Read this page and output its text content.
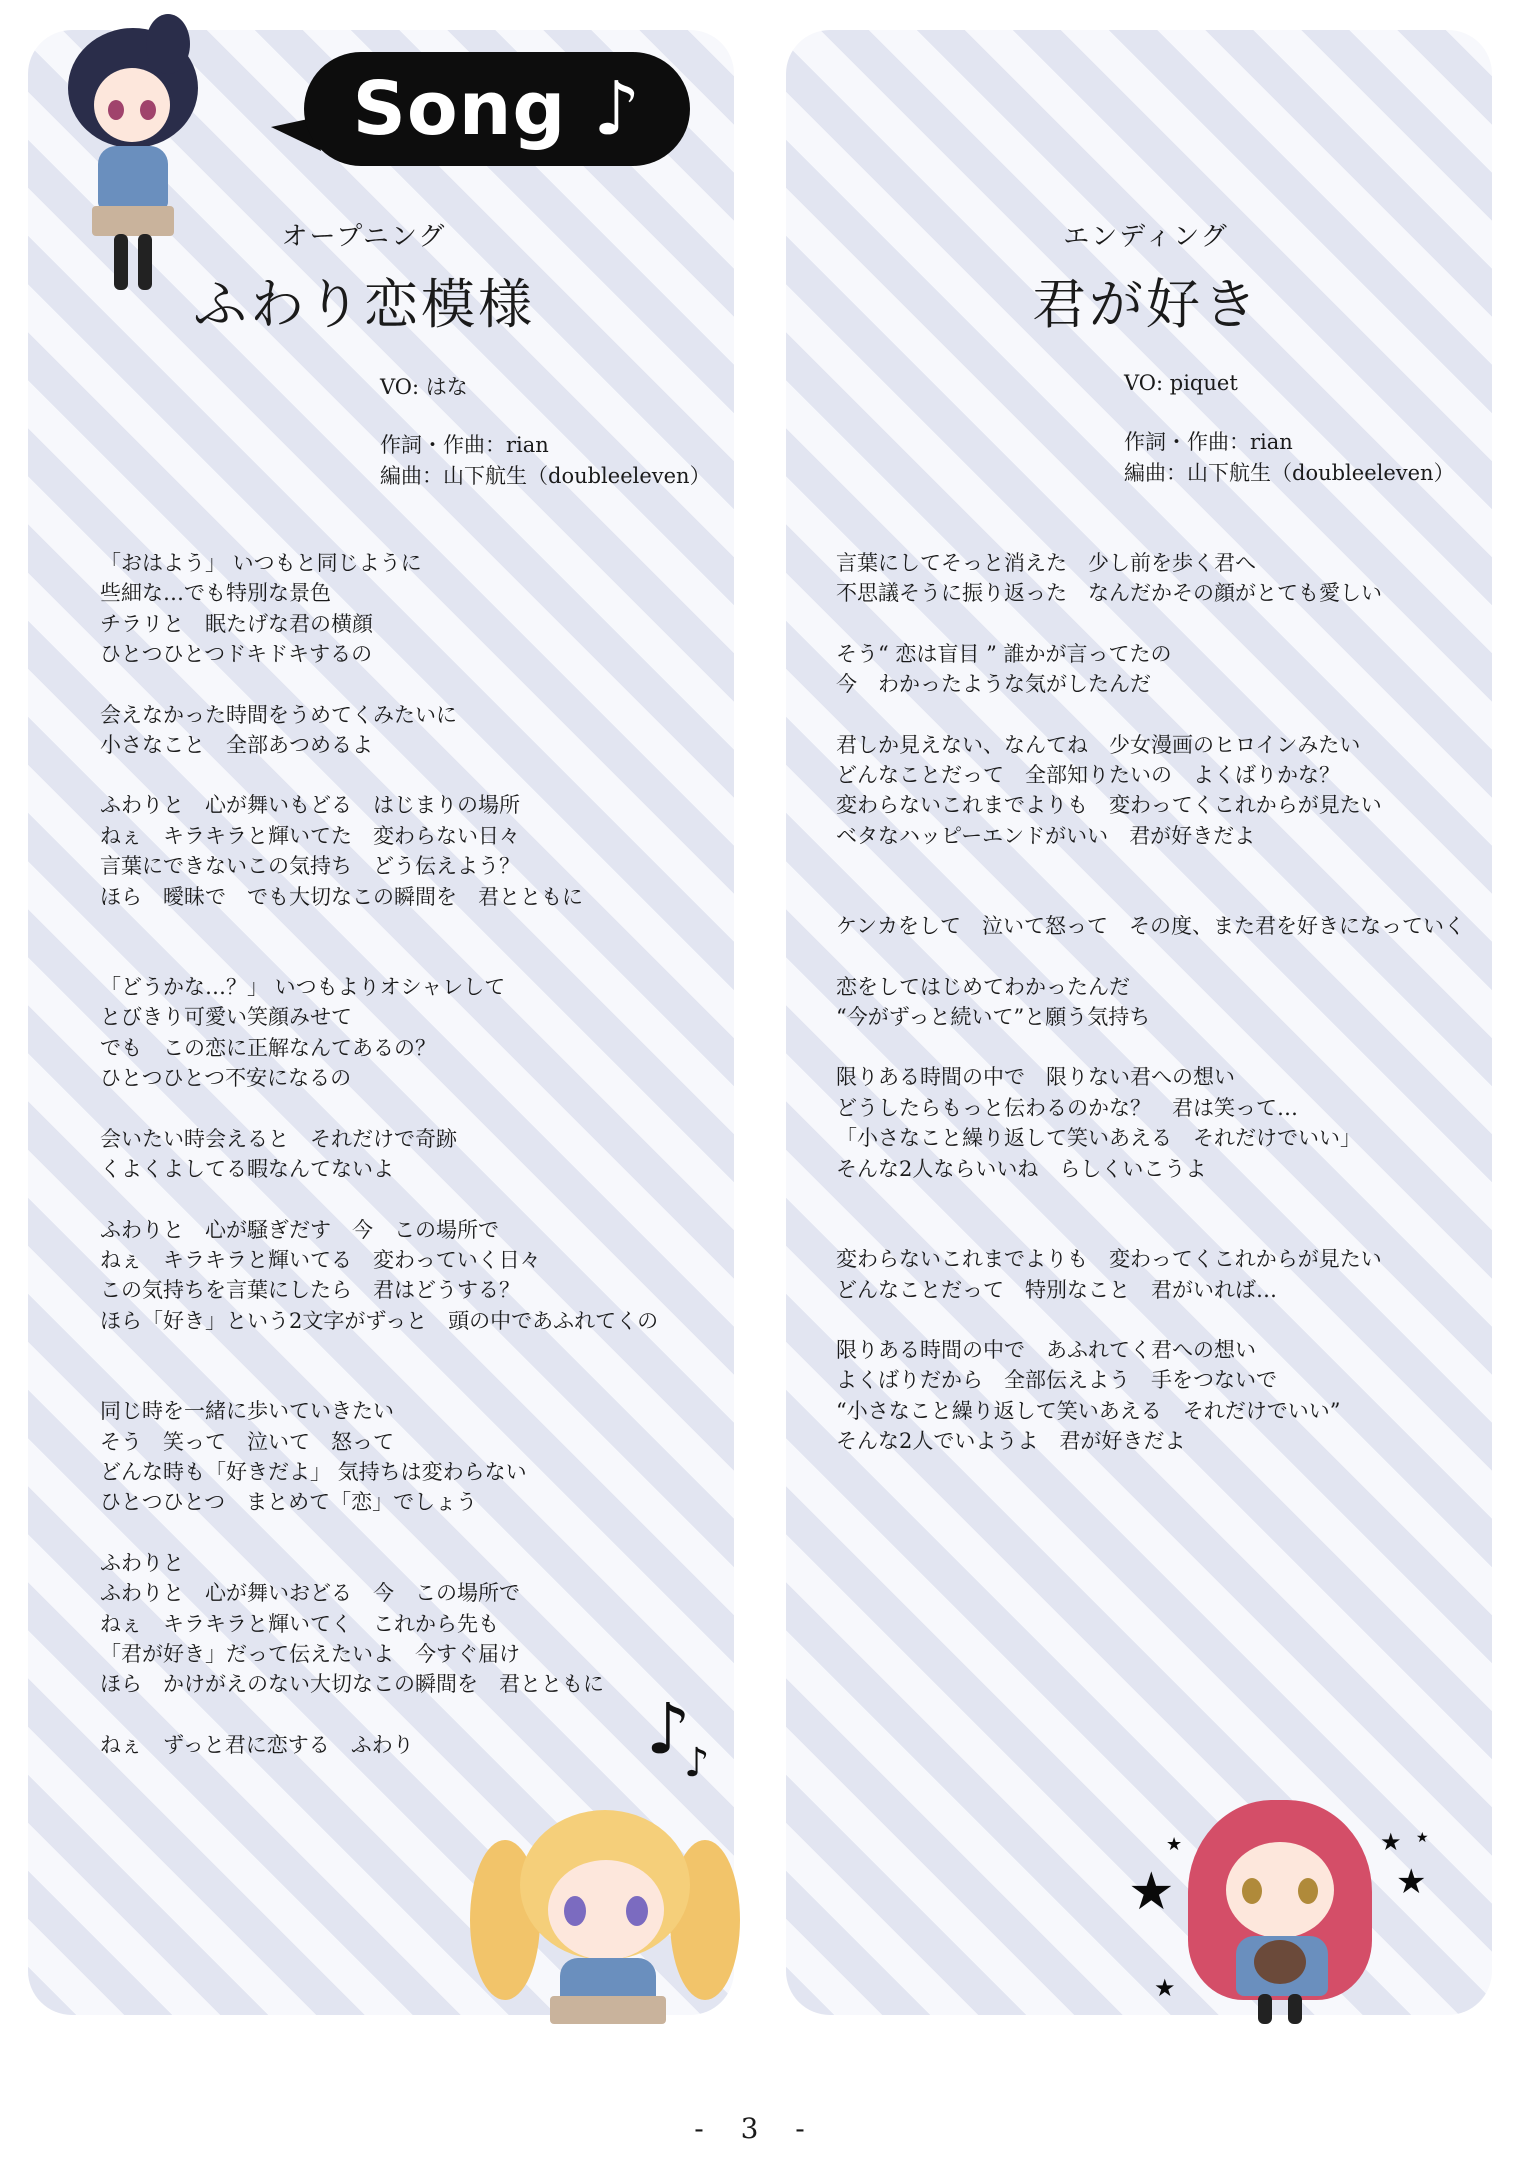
Song ♪
オープニング
ふわり恋模様
VO: はな
作詞・作曲：rian
編曲：山下航生（doubleeleven）
「おはよう」 いつもと同じように
些細な…でも特別な景色
チラリと　眠たげな君の横顔
ひとつひとつドキドキするの
会えなかった時間をうめてくみたいに
小さなこと　全部あつめるよ
ふわりと　心が舞いもどる　はじまりの場所
ねぇ　キラキラと輝いてた　変わらない日々
言葉にできないこの気持ち　どう伝えよう？
ほら　曖昧で　でも大切なこの瞬間を　君とともに
「どうかな…？」 いつもよりオシャレして
とびきり可愛い笑顔みせて
でも　この恋に正解なんてあるの？
ひとつひとつ不安になるの
会いたい時会えると　それだけで奇跡
くよくよしてる暇なんてないよ
ふわりと　心が騒ぎだす　今　この場所で
ねぇ　キラキラと輝いてる　変わっていく日々
この気持ちを言葉にしたら　君はどうする？
ほら「好き」という2文字がずっと　頭の中であふれてくの
同じ時を一緒に歩いていきたい
そう　笑って　泣いて　怒って
どんな時も「好きだよ」 気持ちは変わらない
ひとつひとつ　まとめて「恋」でしょう
ふわりと
ふわりと　心が舞いおどる　今　この場所で
ねぇ　キラキラと輝いてく　これから先も
「君が好き」だって伝えたいよ　今すぐ届け
ほら　かけがえのない大切なこの瞬間を　君とともに
ねぇ　ずっと君に恋する　ふわり	♪
♪
エンディング
君が好き
VO: piquet
作詞・作曲：rian
編曲：山下航生（doubleeleven）
言葉にしてそっと消えた　少し前を歩く君へ
不思議そうに振り返った　なんだかその顔がとても愛しい
そう“ 恋は盲目 ” 誰かが言ってたの
今　わかったような気がしたんだ
君しか見えない、なんてね　少女漫画のヒロインみたい
どんなことだって　全部知りたいの　よくばりかな？
変わらないこれまでよりも　変わってくこれからが見たい
ベタなハッピーエンドがいい　君が好きだよ
ケンカをして　泣いて怒って　その度、また君を好きになっていく
恋をしてはじめてわかったんだ
“今がずっと続いて”と願う気持ち
限りある時間の中で　限りない君への想い
どうしたらもっと伝わるのかな？　君は笑って…
「小さなこと繰り返して笑いあえる　それだけでいい」
そんな2人ならいいね　らしくいこうよ
変わらないこれまでよりも　変わってくこれからが見たい
どんなことだって　特別なこと　君がいれば…
限りある時間の中で　あふれてく君への想い
よくばりだから　全部伝えよう　手をつないで
“小さなこと繰り返して笑いあえる　それだけでいい”
そんな2人でいようよ　君が好きだよ
★
★
★
★
★
★
- 3 -
